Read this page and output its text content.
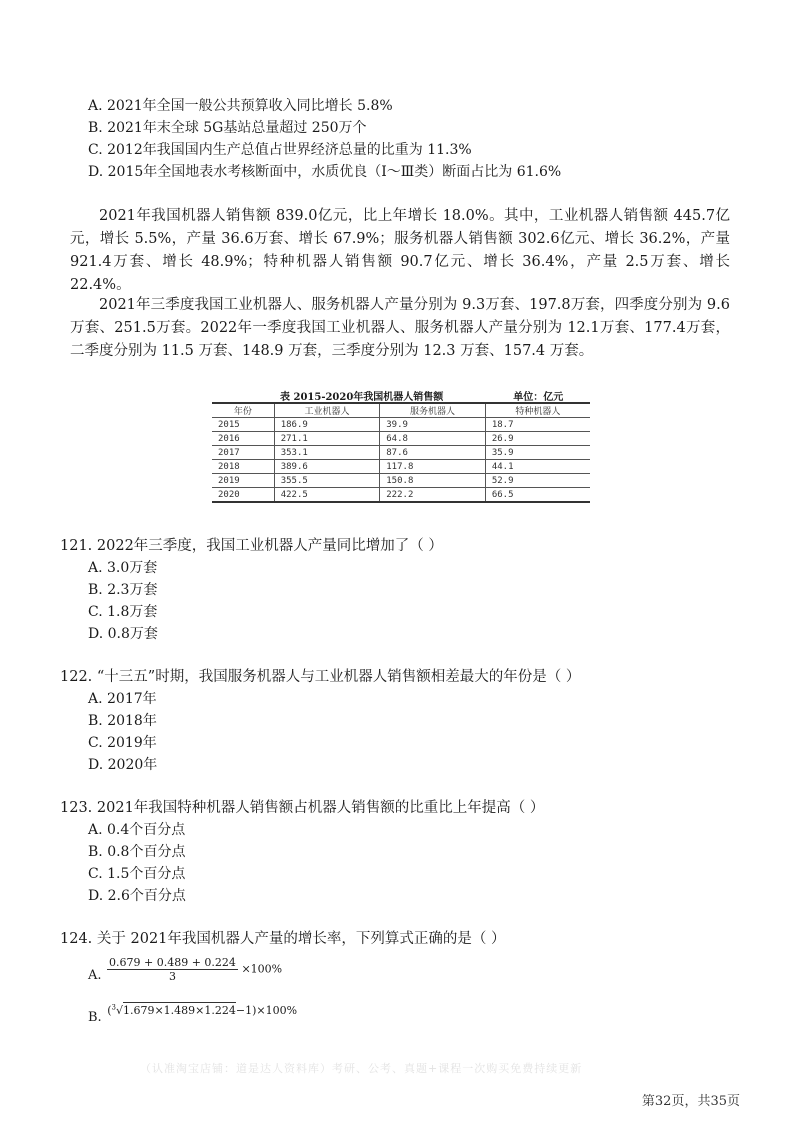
A. 2021年全国一般公共预算收入同比增长 5.8%
B. 2021年末全球 5G基站总量超过 250万个
C. 2012年我国国内生产总值占世界经济总量的比重为 11.3%
D. 2015年全国地表水考核断面中，水质优良（Ⅰ～Ⅲ类）断面占比为 61.6%
2021年我国机器人销售额 839.0亿元，比上年增长 18.0%。其中，工业机器人销售额 445.7亿元，增长 5.5%，产量 36.6万套、增长 67.9%；服务机器人销售额 302.6亿元、增长 36.2%，产量 921.4万套、增长 48.9%；特种机器人销售额 90.7亿元、增长 36.4%，产量 2.5万套、增长 22.4%。
2021年三季度我国工业机器人、服务机器人产量分别为 9.3万套、197.8万套，四季度分别为 9.6万套、251.5万套。2022年一季度我国工业机器人、服务机器人产量分别为 12.1万套、177.4万套，二季度分别为 11.5 万套、148.9 万套，三季度分别为 12.3 万套、157.4 万套。
表 2015-2020年我国机器人销售额	单位：亿元
年份	工业机器人	服务机器人	特种机器人
2015	186.9	39.9	18.7
2016	271.1	64.8	26.9
2017	353.1	87.6	35.9
2018	389.6	117.8	44.1
2019	355.5	150.8	52.9
2020	422.5	222.2	66.5
121. 2022年三季度，我国工业机器人产量同比增加了（ ）
A. 3.0万套
B. 2.3万套
C. 1.8万套
D. 0.8万套
122. “十三五”时期，我国服务机器人与工业机器人销售额相差最大的年份是（ ）
A. 2017年
B. 2018年
C. 2019年
D. 2020年
123. 2021年我国特种机器人销售额占机器人销售额的比重比上年提高（ ）
A. 0.4个百分点
B. 0.8个百分点
C. 1.5个百分点
D. 2.6个百分点
124. 关于 2021年我国机器人产量的增长率，下列算式正确的是（ ）
A. $\frac{0.679 + 0.489 + 0.224}{3} \times 100\%$
B. ($^3$√1.679×1.489×1.224−1)×100%
（认准淘宝店铺：道是达人资料库）考研、公考、真题+课程一次购买免费持续更新
第32页，共35页
